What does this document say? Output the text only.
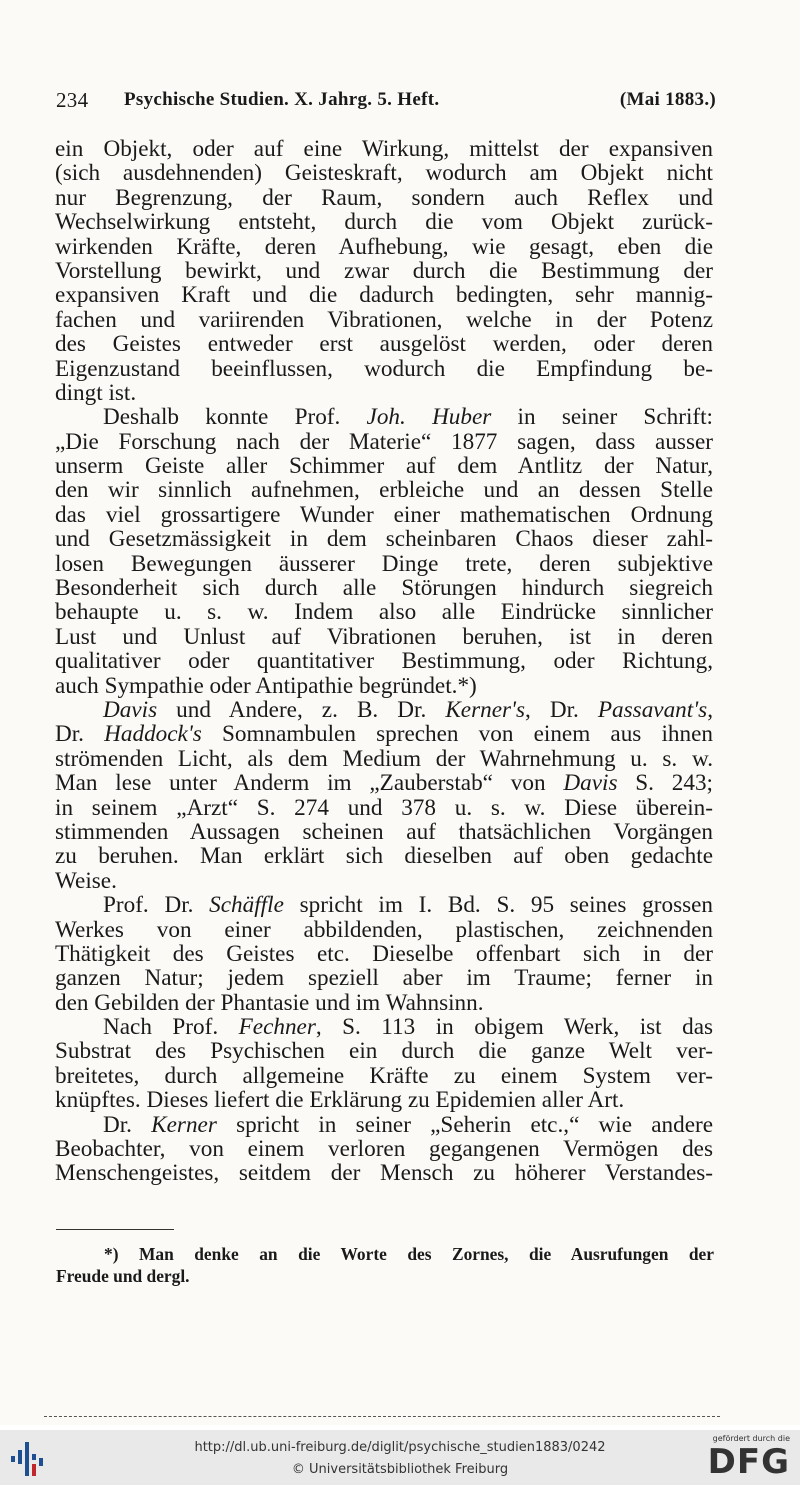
234 Psychische Studien. X. Jahrg. 5. Heft.	(Mai 1883.)
ein Objekt, oder auf eine Wirkung, mittelst der expansiven
(sich ausdehnenden) Geisteskraft, wodurch am Objekt nicht
nur Begrenzung, der Raum, sondern auch Reflex und
Wechselwirkung entsteht, durch die vom Objekt zurück-
wirkenden Kräfte, deren Aufhebung, wie gesagt, eben die
Vorstellung bewirkt, und zwar durch die Bestimmung der
expansiven Kraft und die dadurch bedingten, sehr mannig-
fachen und variirenden Vibrationen, welche in der Potenz
des Geistes entweder erst ausgelöst werden, oder deren
Eigenzustand beeinflussen, wodurch die Empfindung be-
dingt ist.
Deshalb konnte Prof. Joh. Huber in seiner Schrift:
„Die Forschung nach der Materie“ 1877 sagen, dass ausser
unserm Geiste aller Schimmer auf dem Antlitz der Natur,
den wir sinnlich aufnehmen, erbleiche und an dessen Stelle
das viel grossartigere Wunder einer mathematischen Ordnung
und Gesetzmässigkeit in dem scheinbaren Chaos dieser zahl-
losen Bewegungen äusserer Dinge trete, deren subjektive
Besonderheit sich durch alle Störungen hindurch siegreich
behaupte u. s. w. Indem also alle Eindrücke sinnlicher
Lust und Unlust auf Vibrationen beruhen, ist in deren
qualitativer oder quantitativer Bestimmung, oder Richtung,
auch Sympathie oder Antipathie begründet.*)
Davis und Andere, z. B. Dr. Kerner's, Dr. Passavant's,
Dr. Haddock's Somnambulen sprechen von einem aus ihnen
strömenden Licht, als dem Medium der Wahrnehmung u. s. w.
Man lese unter Anderm im „Zauberstab“ von Davis S. 243;
in seinem „Arzt“ S. 274 und 378 u. s. w. Diese überein-
stimmenden Aussagen scheinen auf thatsächlichen Vorgängen
zu beruhen. Man erklärt sich dieselben auf oben gedachte
Weise.
Prof. Dr. Schäffle spricht im I. Bd. S. 95 seines grossen
Werkes von einer abbildenden, plastischen, zeichnenden
Thätigkeit des Geistes etc. Dieselbe offenbart sich in der
ganzen Natur; jedem speziell aber im Traume; ferner in
den Gebilden der Phantasie und im Wahnsinn.
Nach Prof. Fechner, S. 113 in obigem Werk, ist das
Substrat des Psychischen ein durch die ganze Welt ver-
breitetes, durch allgemeine Kräfte zu einem System ver-
knüpftes. Dieses liefert die Erklärung zu Epidemien aller Art.
Dr. Kerner spricht in seiner „Seherin etc.,“ wie andere
Beobachter, von einem verloren gegangenen Vermögen des
Menschengeistes, seitdem der Mensch zu höherer Verstandes-
*) Man denke an die Worte des Zornes, die Ausrufungen der
Freude und dergl.
http://dl.ub.uni-freiburg.de/diglit/psychische_studien1883/0242
© Universitätsbibliothek Freiburg
gefördert durch die
DFG
